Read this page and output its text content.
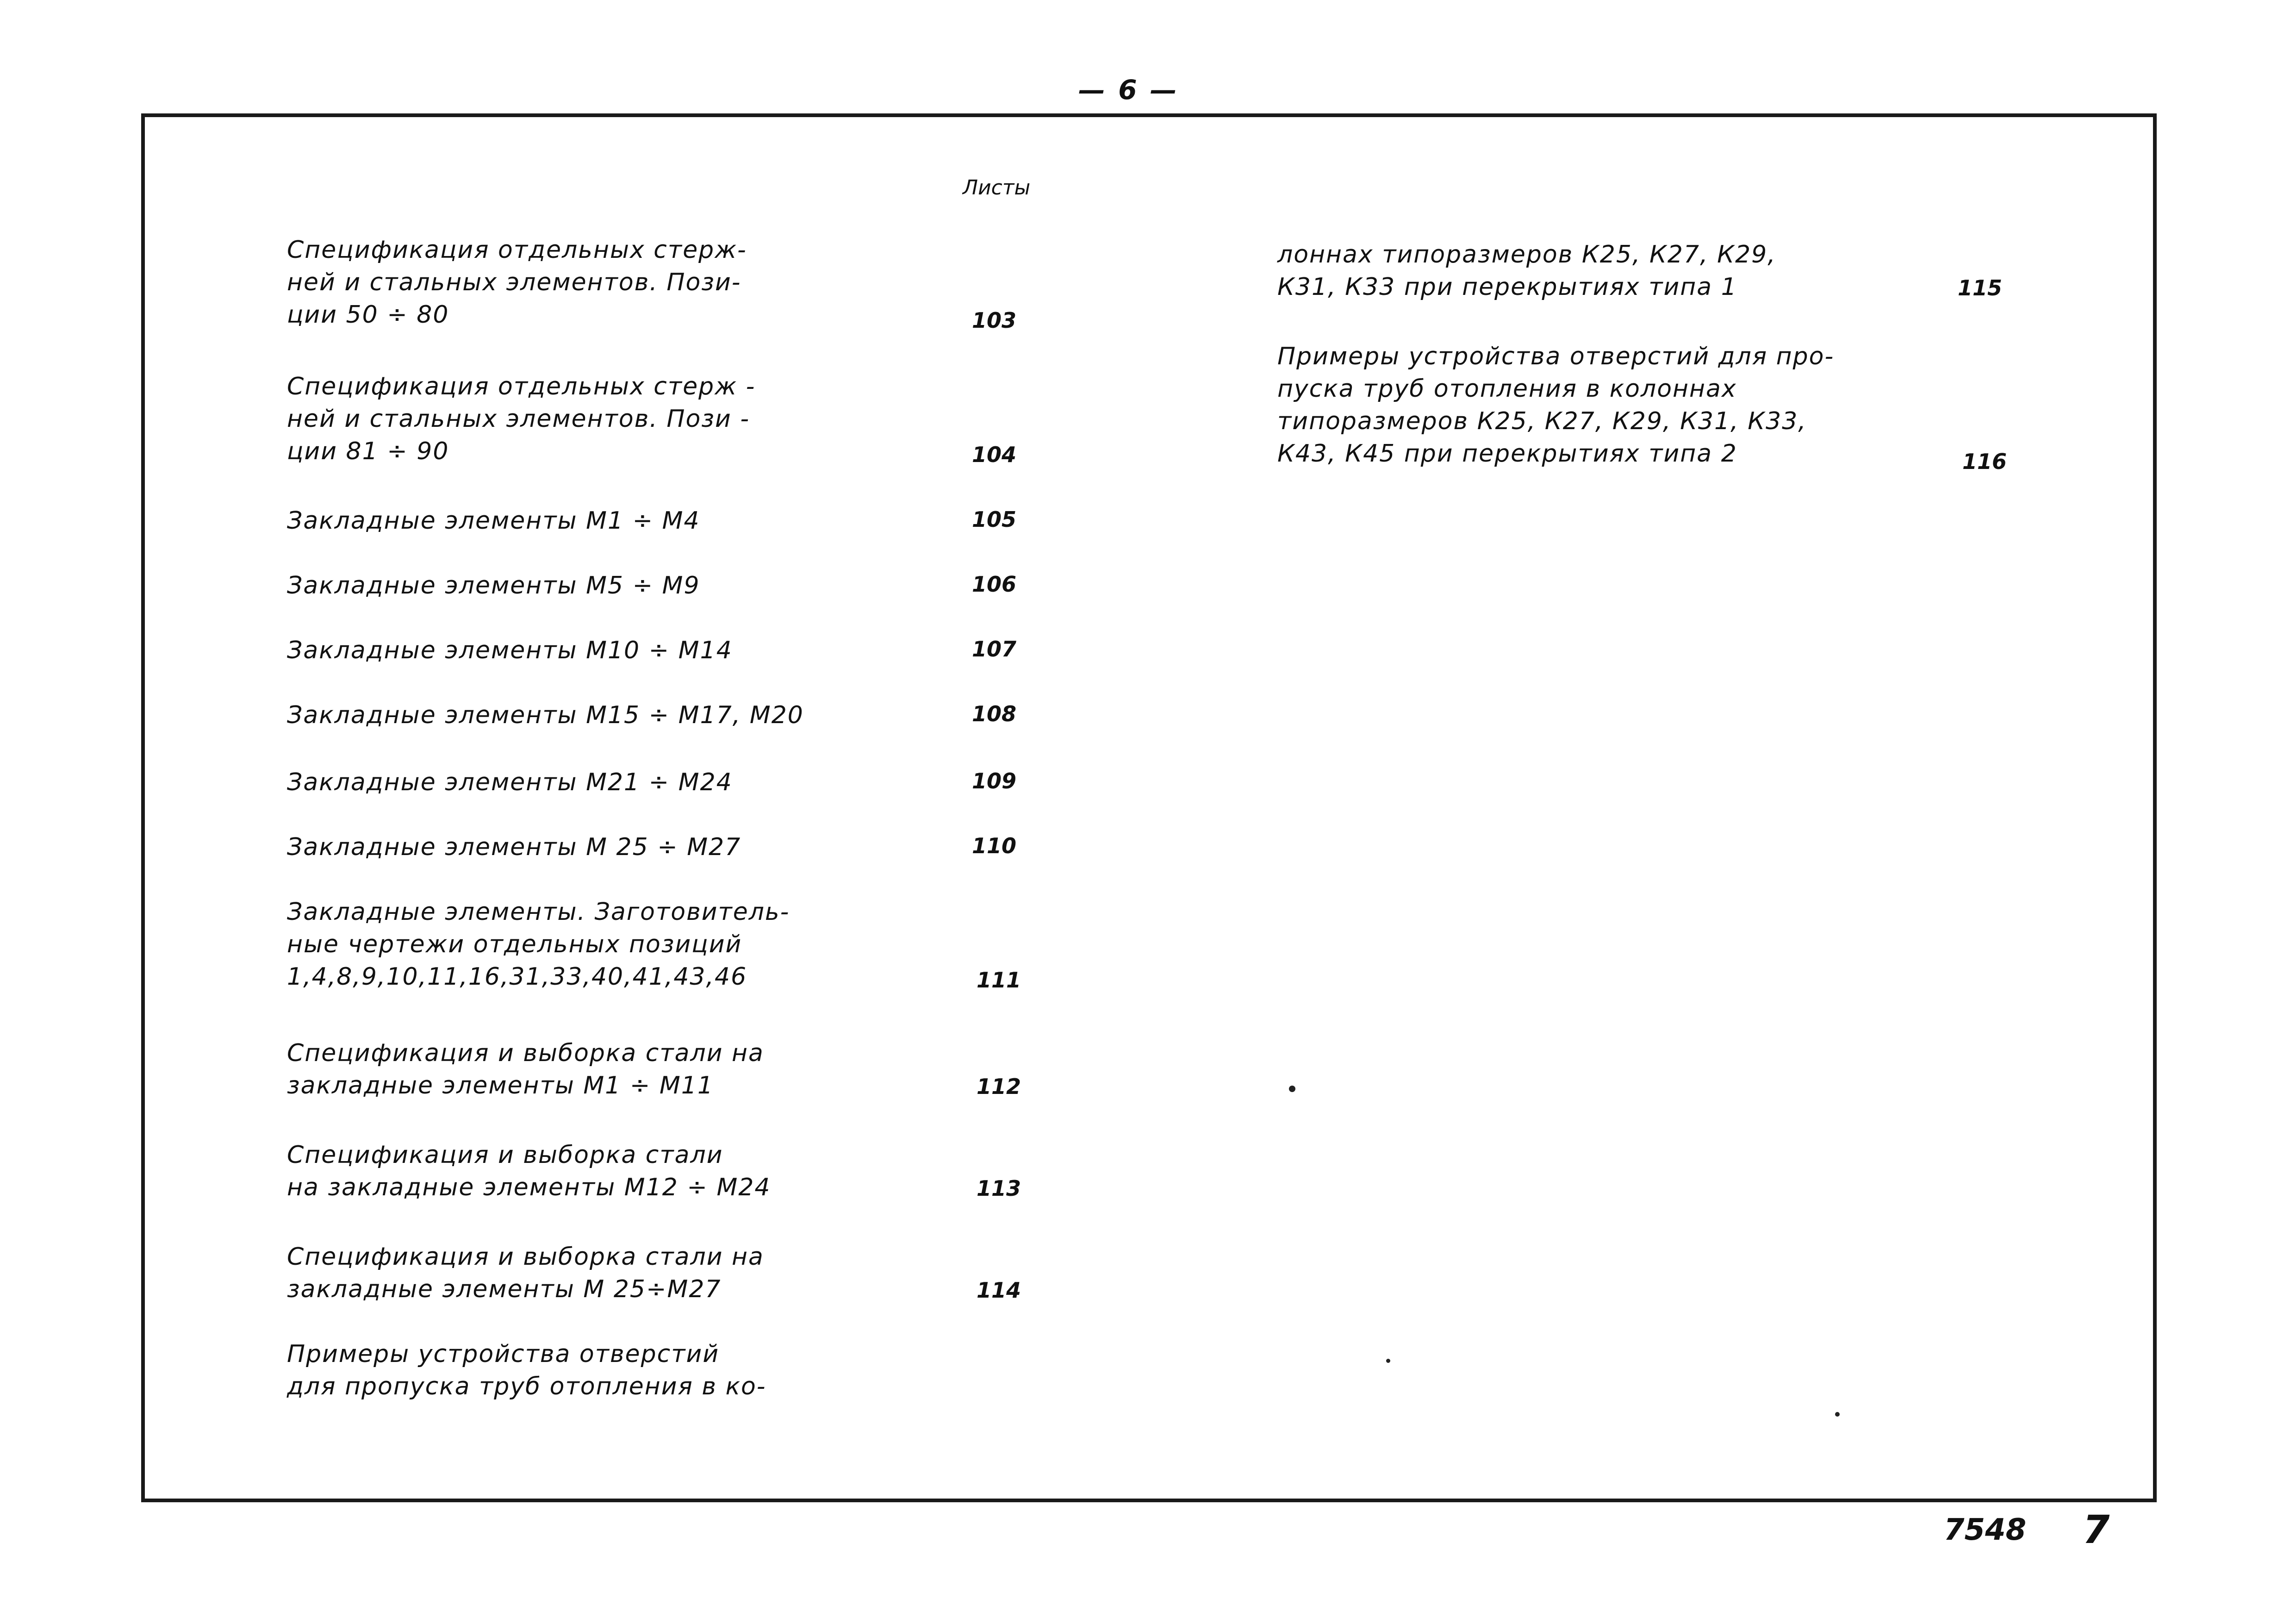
— 6 —
Листы
Спецификация отдельных стерж-
ней и стальных элементов. Пози-
ции 50 ÷ 80	103
Спецификация отдельных стерж -
ней и стальных элементов. Пози -
ции 81 ÷ 90	104
Закладные элементы М1 ÷ М4	105
Закладные элементы М5 ÷ М9	106
Закладные элементы М10 ÷ М14	107
Закладные элементы М15 ÷ М17, М20	108
Закладные элементы М21 ÷ М24	109
Закладные элементы М 25 ÷ М27	110
Закладные элементы. Заготовитель-
ные чертежи отдельных позиций
1,4,8,9,10,11,16,31,33,40,41,43,46	111
Спецификация и выборка стали на
закладные элементы М1 ÷ М11	112
Спецификация и выборка стали
на закладные элементы М12 ÷ М24	113
Спецификация и выборка стали на
закладные элементы М 25÷М27	114
Примеры устройства отверстий
для пропуска труб отопления в ко-
лоннах типоразмеров К25, К27, К29,
К31, К33 при перекрытиях типа 1	115
Примеры устройства отверстий для про-
пуска труб отопления в колоннах
типоразмеров К25, К27, К29, К31, К33,
К43, К45 при перекрытиях типа 2	116
7548 7
